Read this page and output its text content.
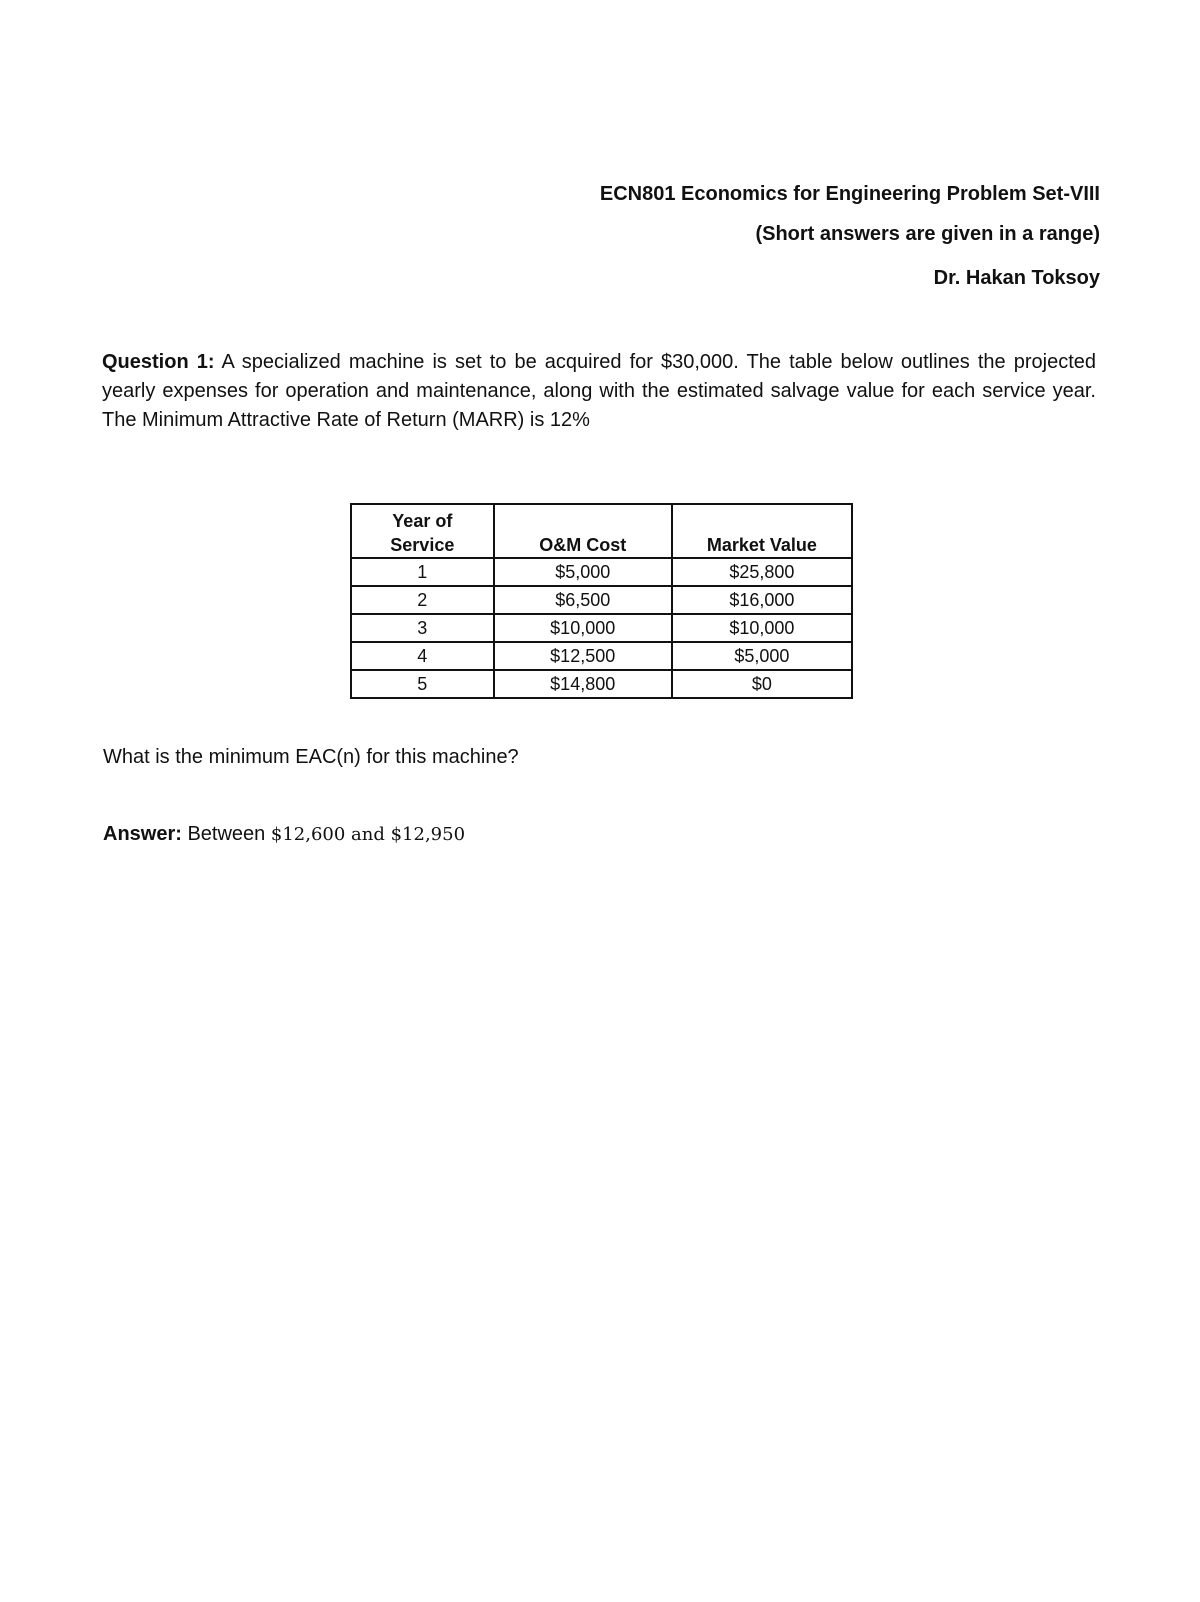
ECN801 Economics for Engineering Problem Set-VIII
(Short answers are given in a range)
Dr. Hakan Toksoy
Question 1: A specialized machine is set to be acquired for $30,000. The table below outlines the projected yearly expenses for operation and maintenance, along with the estimated salvage value for each service year. The Minimum Attractive Rate of Return (MARR) is 12%
Year of Service	O&M Cost	Market Value
1	$5,000	$25,800
2	$6,500	$16,000
3	$10,000	$10,000
4	$12,500	$5,000
5	$14,800	$0
What is the minimum EAC(n) for this machine?
Answer: Between $12,600 and $12,950
